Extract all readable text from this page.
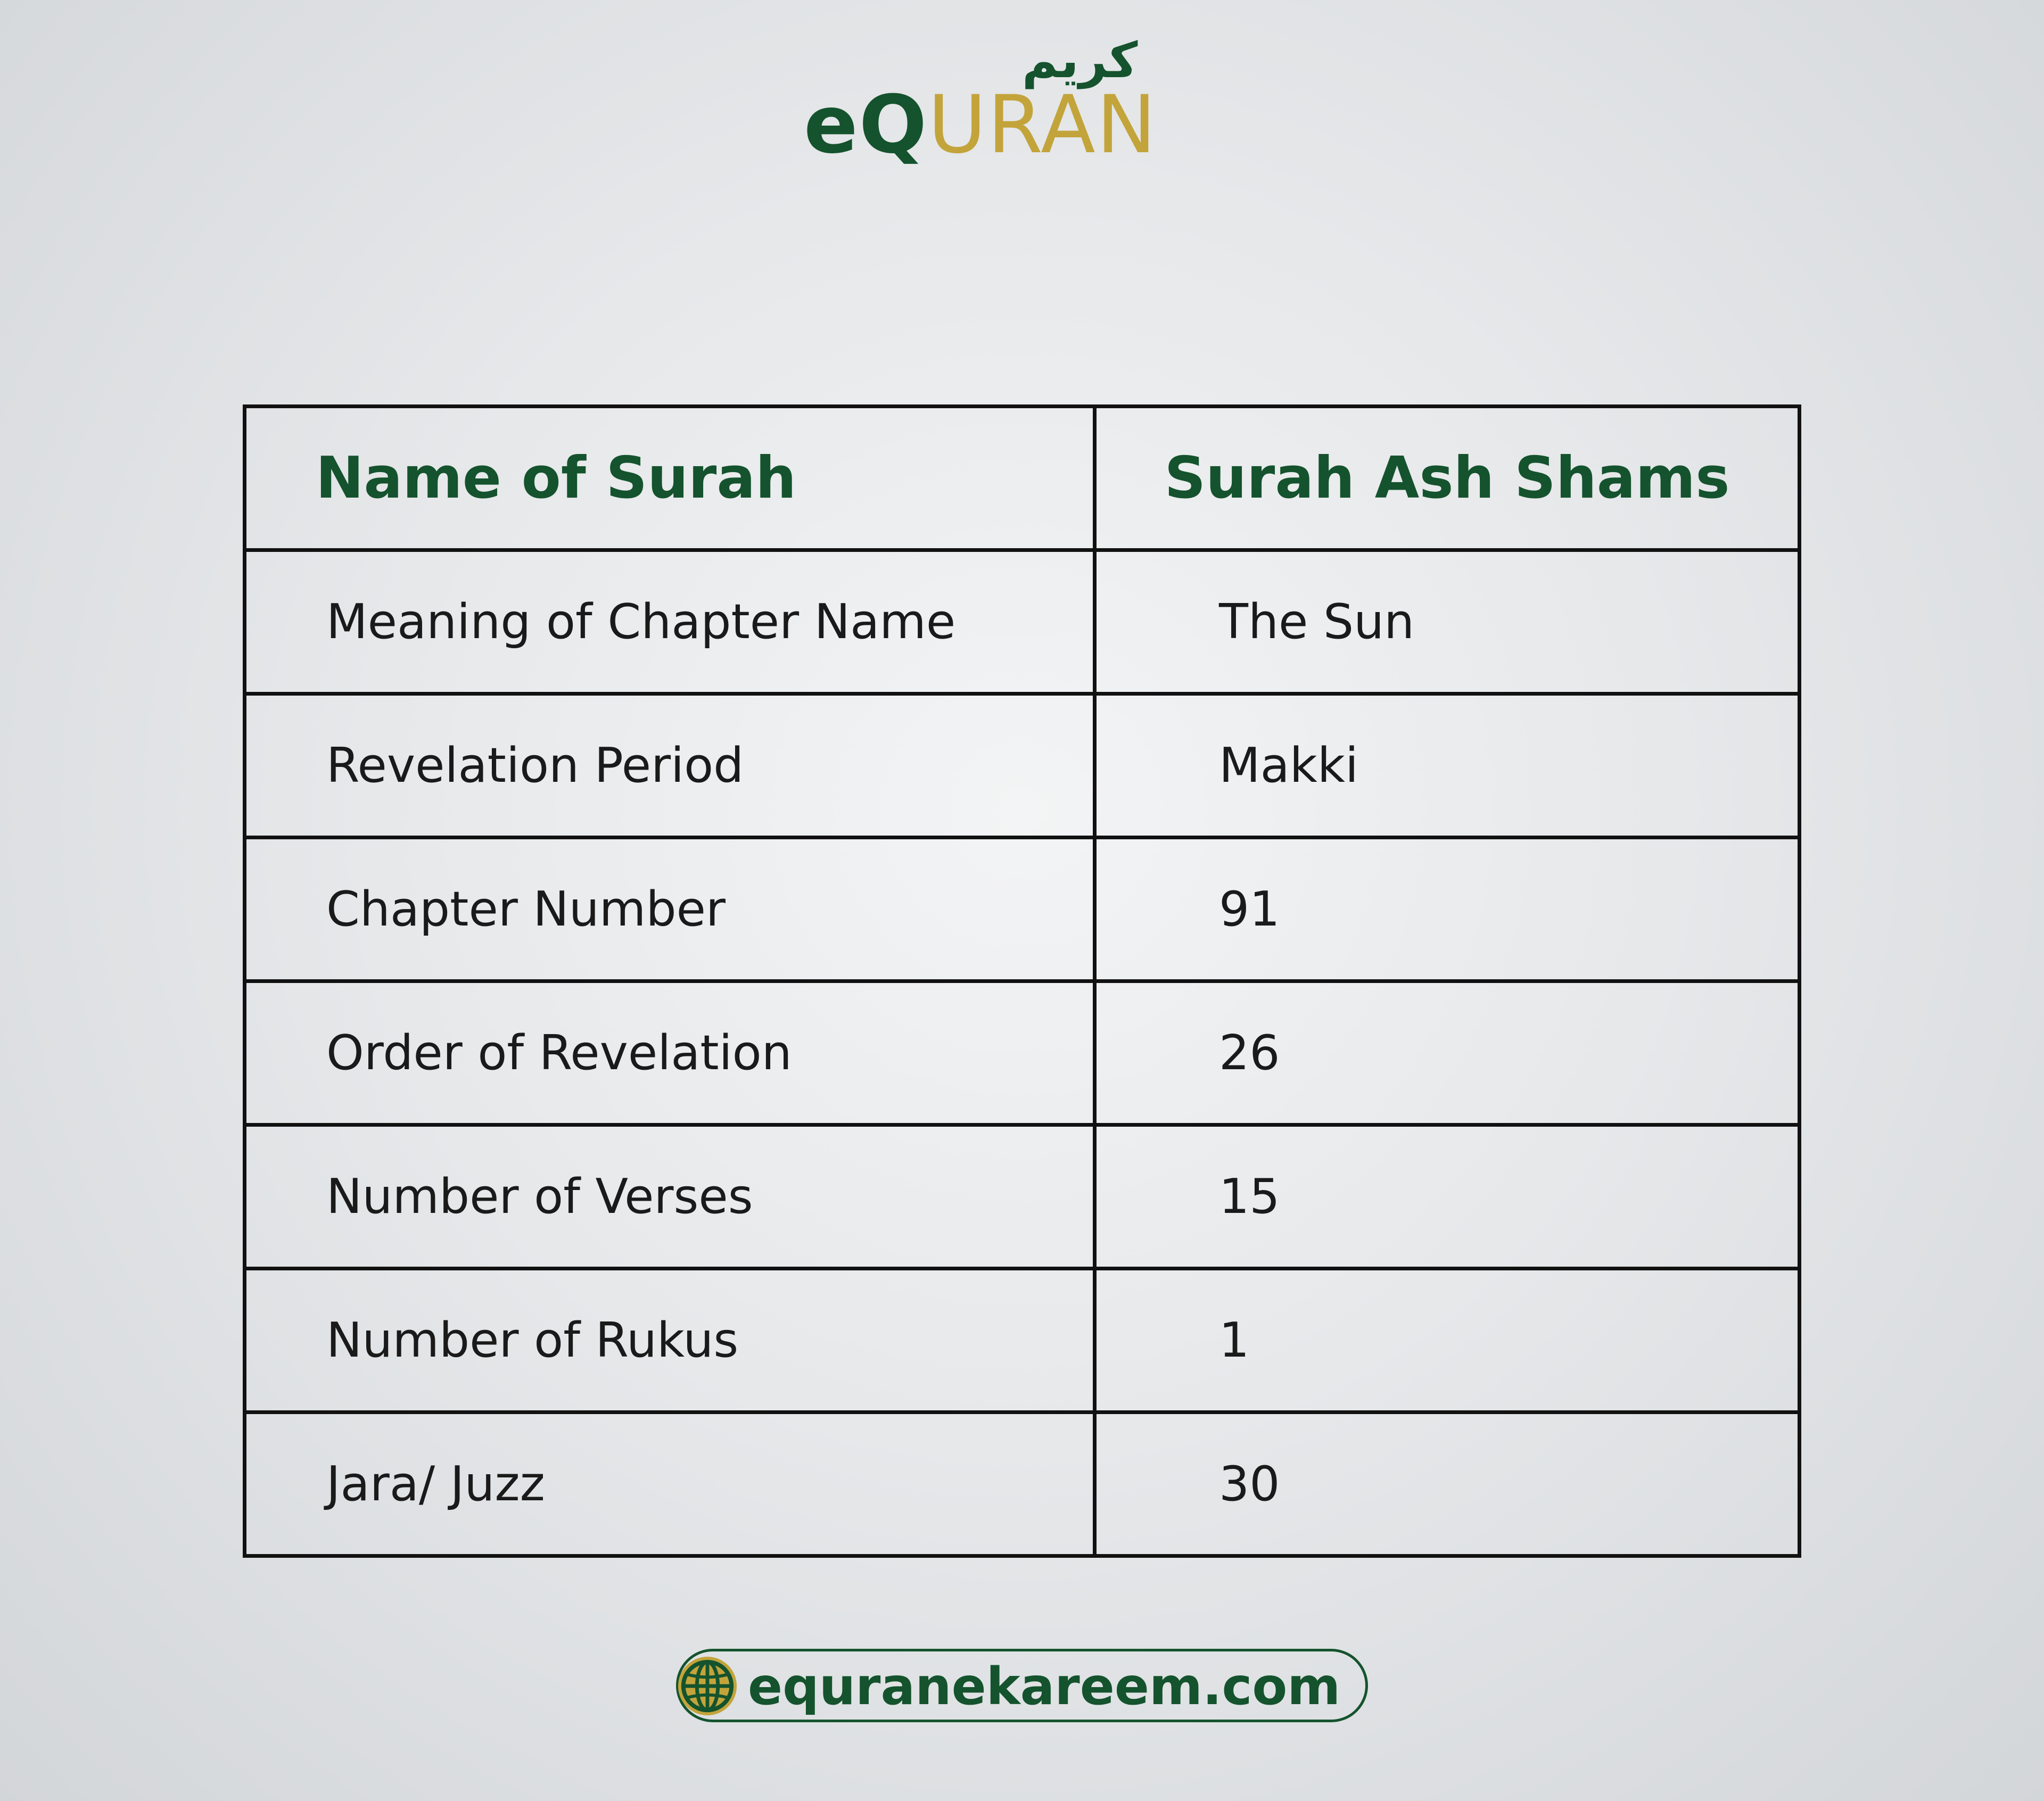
كريم
eQURAN
Name of Surah	Surah Ash Shams
Meaning of Chapter Name	The Sun
Revelation Period	Makki
Chapter Number	91
Order of Revelation	26
Number of Verses	15
Number of Rukus	1
Jara/ Juzz	30
equranekareem.com
